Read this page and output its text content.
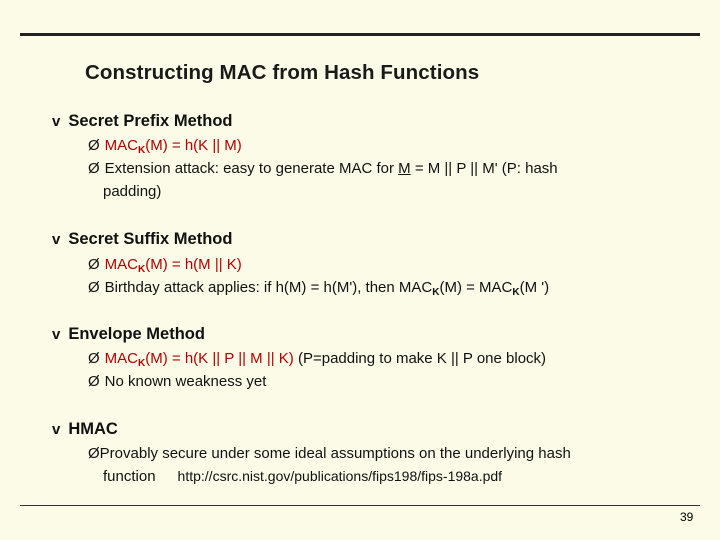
Constructing MAC from Hash Functions
v Secret Prefix Method
Ø $MAC_K(M) = h(K$ || M)
Ø Extension attack: easy to generate MAC for M = M || P || M' (P: hash
padding)
v Secret Suffix Method
Ø $MAC_K(M) = h(M$ || K)
Ø Birthday attack applies: if h(M) = h(M'), then $MAC_K(M) = MAC_K(M$ ')
v Envelope Method
Ø $MAC_K(M) = h(K$ || P || M || K) (P=padding to make K || P one block)
Ø No known weakness yet
v HMAC
ØProvably secure under some ideal assumptions on the underlying hash
function http://csrc.nist.gov/publications/fips198/fips-198a.pdf
39
